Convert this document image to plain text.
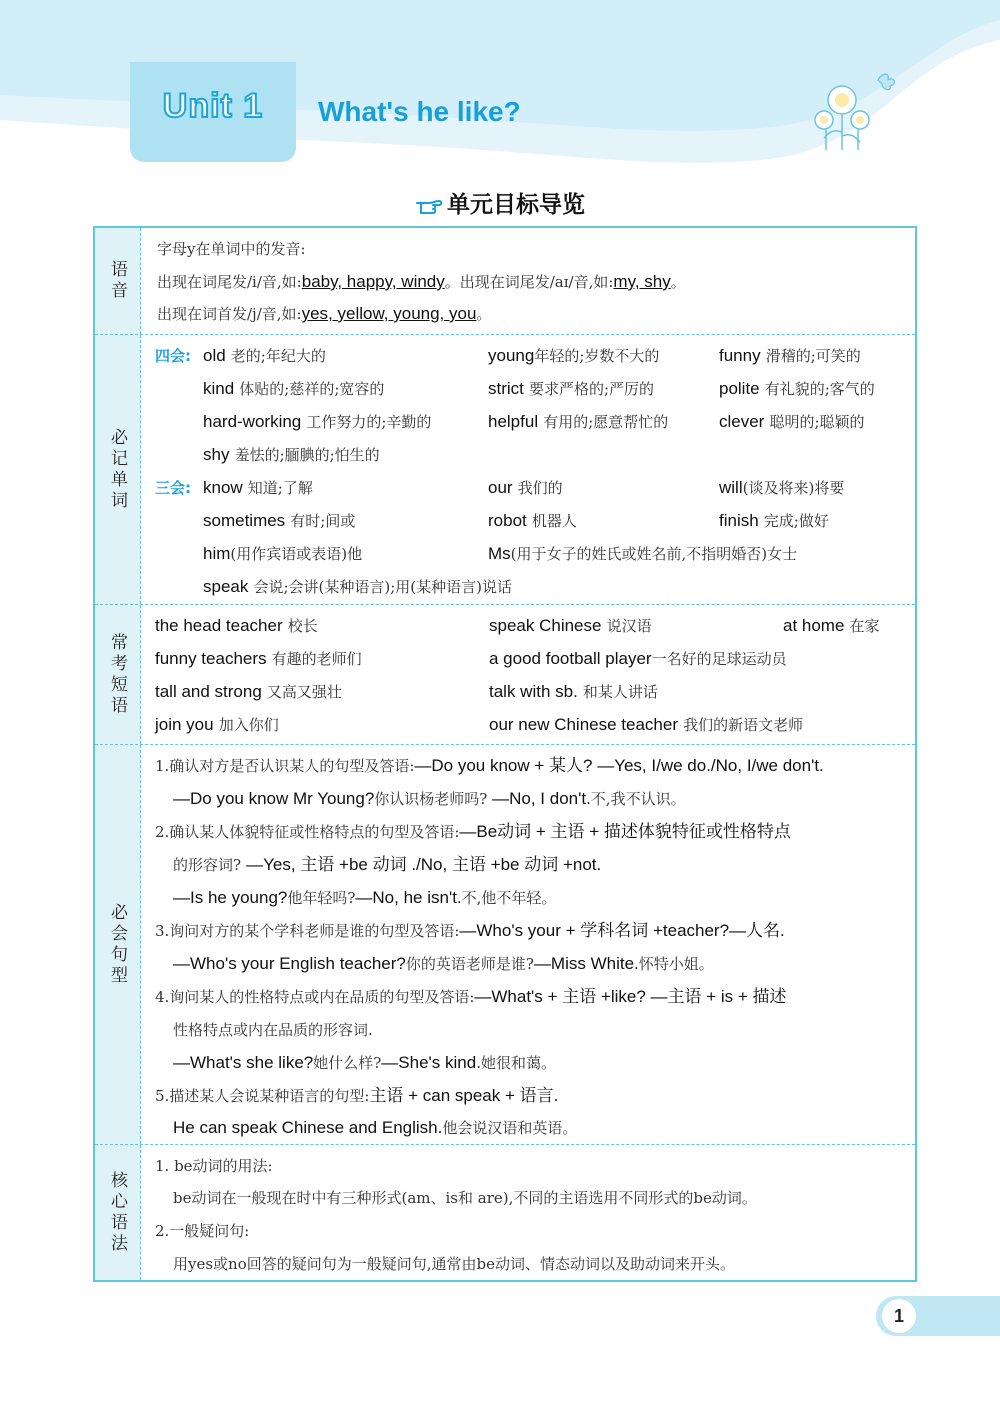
Unit 1	What's he like?
单元目标导览
语音
字母y在单词中的发音:
出现在词尾发/i/音,如:baby, happy, windy。出现在词尾发/aɪ/音,如:my, shy。
出现在词首发/j/音,如:yes, yellow, young, you。
必记单词
四会:
三会:
old 老的;年纪大的	young年轻的;岁数不大的	funny 滑稽的;可笑的
kind 体贴的;慈祥的;宽容的	strict 要求严格的;严厉的	polite 有礼貌的;客气的
hard-working 工作努力的;辛勤的	helpful 有用的;愿意帮忙的	clever 聪明的;聪颖的
shy 羞怯的;腼腆的;怕生的
know 知道;了解	our 我们的	will(谈及将来)将要
sometimes 有时;间或	robot 机器人	finish 完成;做好
him(用作宾语或表语)他	Ms(用于女子的姓氏或姓名前,不指明婚否)女士
speak 会说;会讲(某种语言);用(某种语言)说话
常考短语
the head teacher 校长	speak Chinese 说汉语	at home 在家
funny teachers 有趣的老师们	a good football player一名好的足球运动员
tall and strong 又高又强壮	talk with sb. 和某人讲话
join you 加入你们	our new Chinese teacher 我们的新语文老师
必会句型
1.确认对方是否认识某人的句型及答语:—Do you know + 某人? —Yes, I/we do./No, I/we don't.
—Do you know Mr Young?你认识杨老师吗? —No, I don't.不,我不认识。
2.确认某人体貌特征或性格特点的句型及答语:—Be动词 + 主语 + 描述体貌特征或性格特点
的形容词? —Yes, 主语 +be 动词 ./No, 主语 +be 动词 +not.
—Is he young?他年轻吗?—No, he isn't.不,他不年轻。
3.询问对方的某个学科老师是谁的句型及答语:—Who's your + 学科名词 +teacher?—人名.
—Who's your English teacher?你的英语老师是谁?—Miss White.怀特小姐。
4.询问某人的性格特点或内在品质的句型及答语:—What's + 主语 +like? —主语 + is + 描述
性格特点或内在品质的形容词.
—What's she like?她什么样?—She's kind.她很和蔼。
5.描述某人会说某种语言的句型:主语 + can speak + 语言.
He can speak Chinese and English.他会说汉语和英语。
核心语法
1. be动词的用法:
be动词在一般现在时中有三种形式(am、is和 are),不同的主语选用不同形式的be动词。
2.一般疑问句:
用yes或no回答的疑问句为一般疑问句,通常由be动词、情态动词以及助动词来开头。
1
